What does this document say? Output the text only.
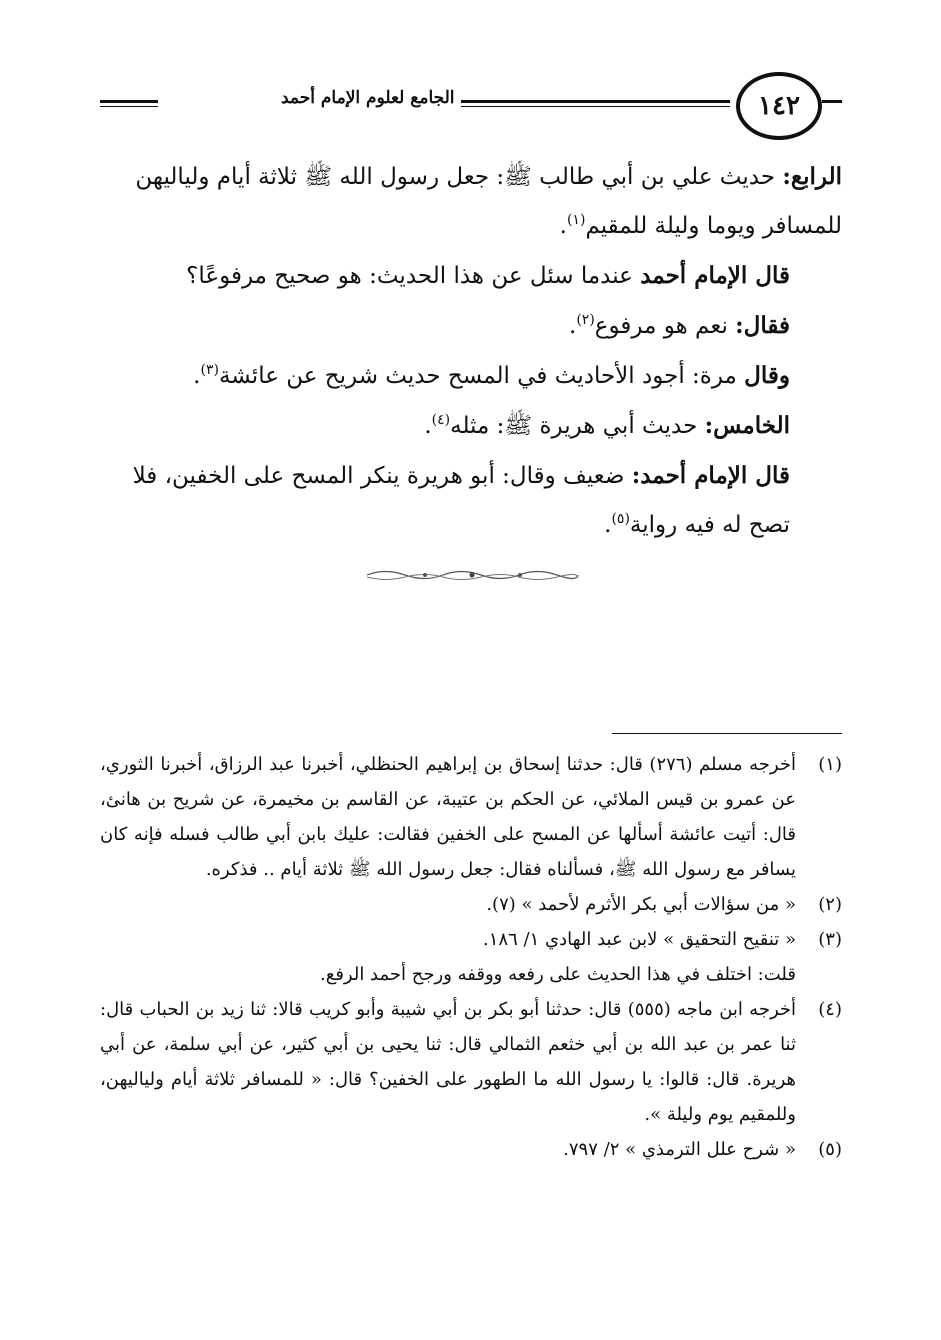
الجامع لعلوم الإمام أحمد	١٤٢

الرابع: حديث علي بن أبي طالب ﷺ: جعل رسول الله ﷺ ثلاثة أيام ولياليهن للمسافر ويوما وليلة للمقيم$^{(١)}$.

قال الإمام أحمد عندما سئل عن هذا الحديث: هو صحيح مرفوعًا؟

فقال: نعم هو مرفوع$^{(٢)}$.

وقال مرة: أجود الأحاديث في المسح حديث شريح عن عائشة$^{(٣)}$.

الخامس: حديث أبي هريرة ﷺ: مثله$^{(٤)}$.

قال الإمام أحمد: ضعيف وقال: أبو هريرة ينكر المسح على الخفين، فلا تصح له فيه رواية$^{(٥)}$.

(١)
أخرجه مسلم (٢٧٦) قال: حدثنا إسحاق بن إبراهيم الحنظلي، أخبرنا عبد الرزاق، أخبرنا الثوري، عن عمرو بن قيس الملائي، عن الحكم بن عتيبة، عن القاسم بن مخيمرة، عن شريح بن هانئ، قال: أتيت عائشة أسألها عن المسح على الخفين فقالت: عليك بابن أبي طالب فسله فإنه كان يسافر مع رسول الله ﷺ، فسألناه فقال: جعل رسول الله ﷺ ثلاثة أيام .. فذكره.
(٢)
« من سؤالات أبي بكر الأثرم لأحمد » (٧).
(٣)
« تنقيح التحقيق » لابن عبد الهادي ١/ ١٨٦.
قلت: اختلف في هذا الحديث على رفعه ووقفه ورجح أحمد الرفع.
(٤)
أخرجه ابن ماجه (٥٥٥) قال: حدثنا أبو بكر بن أبي شيبة وأبو كريب قالا: ثنا زيد بن الحباب قال: ثنا عمر بن عبد الله بن أبي خثعم الثمالي قال: ثنا يحيى بن أبي كثير، عن أبي سلمة، عن أبي هريرة. قال: قالوا: يا رسول الله ما الطهور على الخفين؟ قال: « للمسافر ثلاثة أيام ولياليهن، وللمقيم يوم وليلة ».
(٥)
« شرح علل الترمذي » ٢/ ٧٩٧.
